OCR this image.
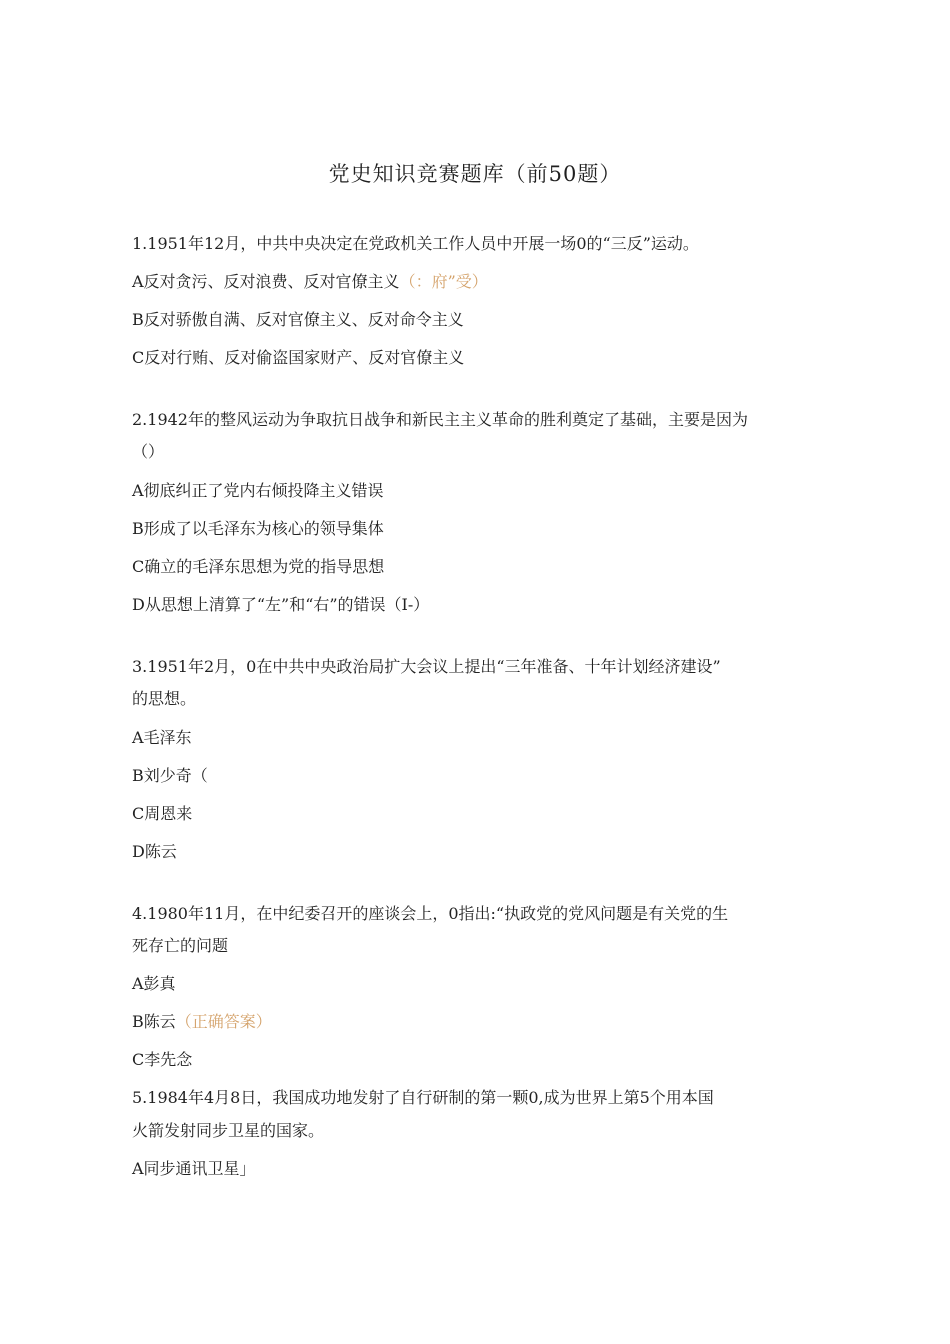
党史知识竞赛题库（前50题）
1.1951年12月，中共中央决定在党政机关工作人员中开展一场0的“三反”运动。
A反对贪污、反对浪费、反对官僚主义（：府”受）
B反对骄傲自满、反对官僚主义、反对命令主义
C反对行贿、反对偷盗国家财产、反对官僚主义
2.1942年的整风运动为争取抗日战争和新民主主义革命的胜利奠定了基础，主要是因为
（）
A彻底纠正了党内右倾投降主义错误
B形成了以毛泽东为核心的领导集体
C确立的毛泽东思想为党的指导思想
D从思想上清算了“左”和“右”的错误（I-）
3.1951年2月，0在中共中央政治局扩大会议上提出“三年准备、十年计划经济建设”
的思想。
A毛泽东
B刘少奇（
C周恩来
D陈云
4.1980年11月，在中纪委召开的座谈会上，0指出:“执政党的党风问题是有关党的生
死存亡的问题
A彭真
B陈云（正确答案）
C李先念
5.1984年4月8日，我国成功地发射了自行研制的第一颗0,成为世界上第5个用本国
火箭发射同步卫星的国家。
A同步通讯卫星」
